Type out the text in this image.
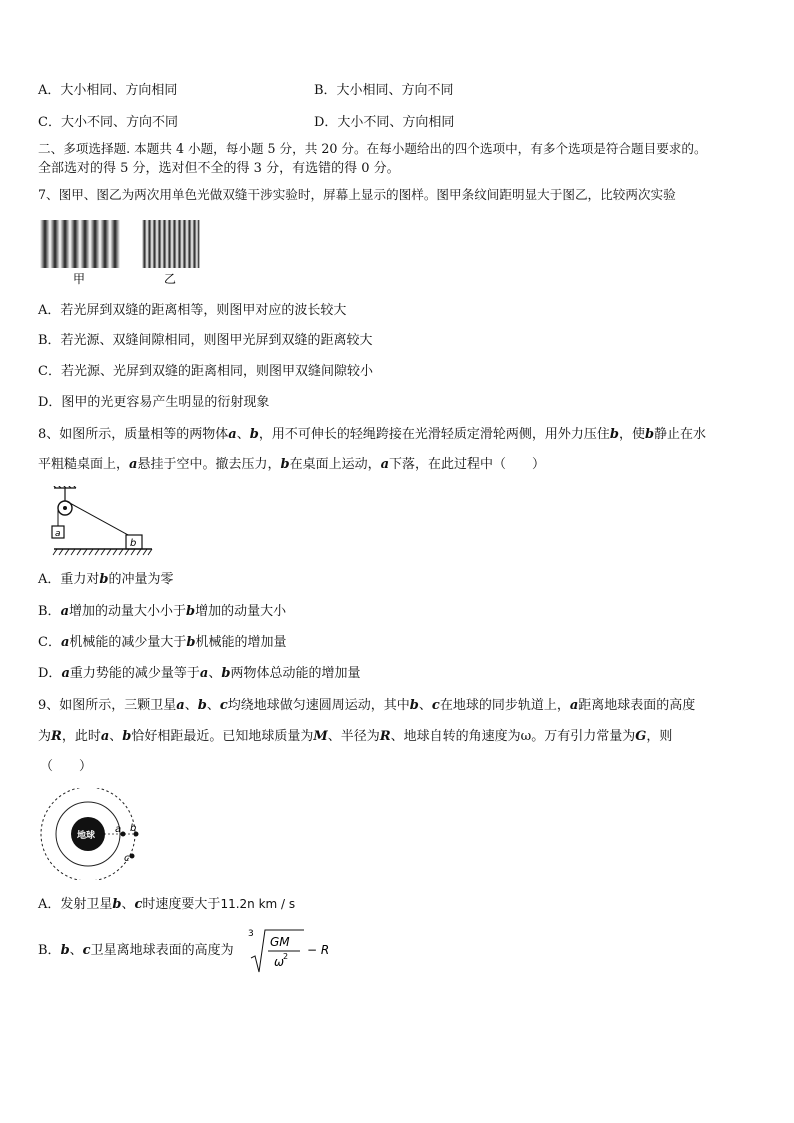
A．大小相同、方向相同	B．大小相同、方向不同
C．大小不同、方向不同	D．大小不同、方向相同
二、多项选择题. 本题共 4 小题，每小题 5 分，共 20 分。在每小题给出的四个选项中，有多个选项是符合题目要求的。
全部选对的得 5 分，选对但不全的得 3 分，有选错的得 0 分。
7、图甲、图乙为两次用单色光做双缝干涉实验时，屏幕上显示的图样。图甲条纹间距明显大于图乙，比较两次实验
甲	乙
A．若光屏到双缝的距离相等，则图甲对应的波长较大
B．若光源、双缝间隙相同，则图甲光屏到双缝的距离较大
C．若光源、光屏到双缝的距离相同，则图甲双缝间隙较小
D．图甲的光更容易产生明显的衍射现象
8、如图所示，质量相等的两物体a、b，用不可伸长的轻绳跨接在光滑轻质定滑轮两侧，用外力压住b，使b静止在水
平粗糙桌面上，a悬挂于空中。撤去压力，b在桌面上运动，a下落，在此过程中（　　）
a
b
A．重力对b的冲量为零
B．a增加的动量大小小于b增加的动量大小
C．a机械能的减少量大于b机械能的增加量
D．a重力势能的减少量等于a、b两物体总动能的增加量
9、如图所示，三颗卫星a、b、c均绕地球做匀速圆周运动，其中b、c在地球的同步轨道上，a距离地球表面的高度
为R，此时a、b恰好相距最近。已知地球质量为M、半径为R、地球自转的角速度为ω。万有引力常量为G，则
（　　）
地球
a b
c
A．发射卫星b、c时速度要大于11.2n km / s
B．b、c卫星离地球表面的高度为
3
GM
ω
2 − R
